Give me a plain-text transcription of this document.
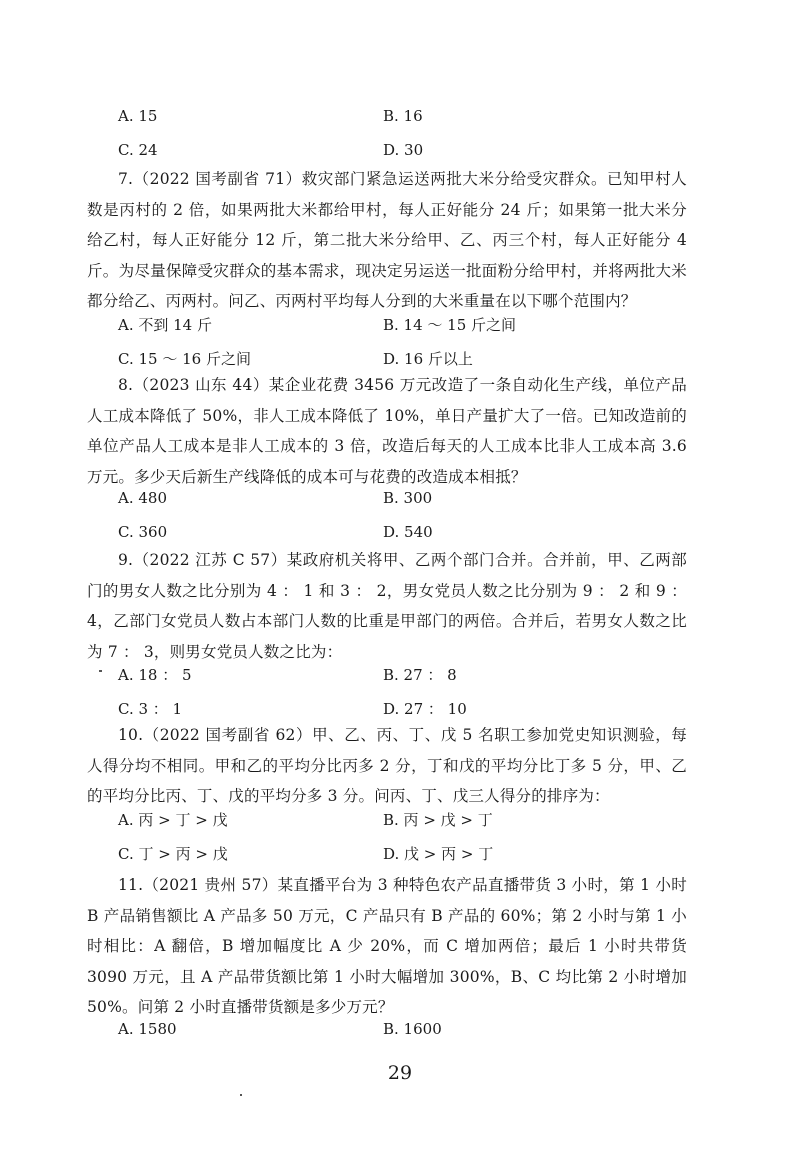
A. 15	B. 16
C. 24	D. 30
7.（2022 国考副省 71）救灾部门紧急运送两批大米分给受灾群众。已知甲村人数是丙村的 2 倍，如果两批大米都给甲村，每人正好能分 24 斤；如果第一批大米分给乙村，每人正好能分 12 斤，第二批大米分给甲、乙、丙三个村，每人正好能分 4 斤。为尽量保障受灾群众的基本需求，现决定另运送一批面粉分给甲村，并将两批大米都分给乙、丙两村。问乙、丙两村平均每人分到的大米重量在以下哪个范围内？
A. 不到 14 斤	B. 14 ～ 15 斤之间
C. 15 ～ 16 斤之间	D. 16 斤以上
8.（2023 山东 44）某企业花费 3456 万元改造了一条自动化生产线，单位产品人工成本降低了 50%，非人工成本降低了 10%，单日产量扩大了一倍。已知改造前的单位产品人工成本是非人工成本的 3 倍，改造后每天的人工成本比非人工成本高 3.6 万元。多少天后新生产线降低的成本可与花费的改造成本相抵？
A. 480	B. 300
C. 360	D. 540
9.（2022 江苏 C 57）某政府机关将甲、乙两个部门合并。合并前，甲、乙两部门的男女人数之比分别为 4 ： 1 和 3 ： 2，男女党员人数之比分别为 9 ： 2 和 9 ： 4，乙部门女党员人数占本部门人数的比重是甲部门的两倍。合并后，若男女人数之比为 7 ： 3，则男女党员人数之比为：
A. 18 ： 5	B. 27 ： 8
C. 3 ： 1	D. 27 ： 10
10.（2022 国考副省 62）甲、乙、丙、丁、戊 5 名职工参加党史知识测验，每人得分均不相同。甲和乙的平均分比丙多 2 分，丁和戊的平均分比丁多 5 分，甲、乙的平均分比丙、丁、戊的平均分多 3 分。问丙、丁、戊三人得分的排序为：
A. 丙 > 丁 > 戊	B. 丙 > 戊 > 丁
C. 丁 > 丙 > 戊	D. 戊 > 丙 > 丁
11.（2021 贵州 57）某直播平台为 3 种特色农产品直播带货 3 小时，第 1 小时 B 产品销售额比 A 产品多 50 万元，C 产品只有 B 产品的 60%；第 2 小时与第 1 小时相比：A 翻倍，B 增加幅度比 A 少 20%，而 C 增加两倍；最后 1 小时共带货 3090 万元，且 A 产品带货额比第 1 小时大幅增加 300%，B、C 均比第 2 小时增加 50%。问第 2 小时直播带货额是多少万元？
A. 1580	B. 1600
29
